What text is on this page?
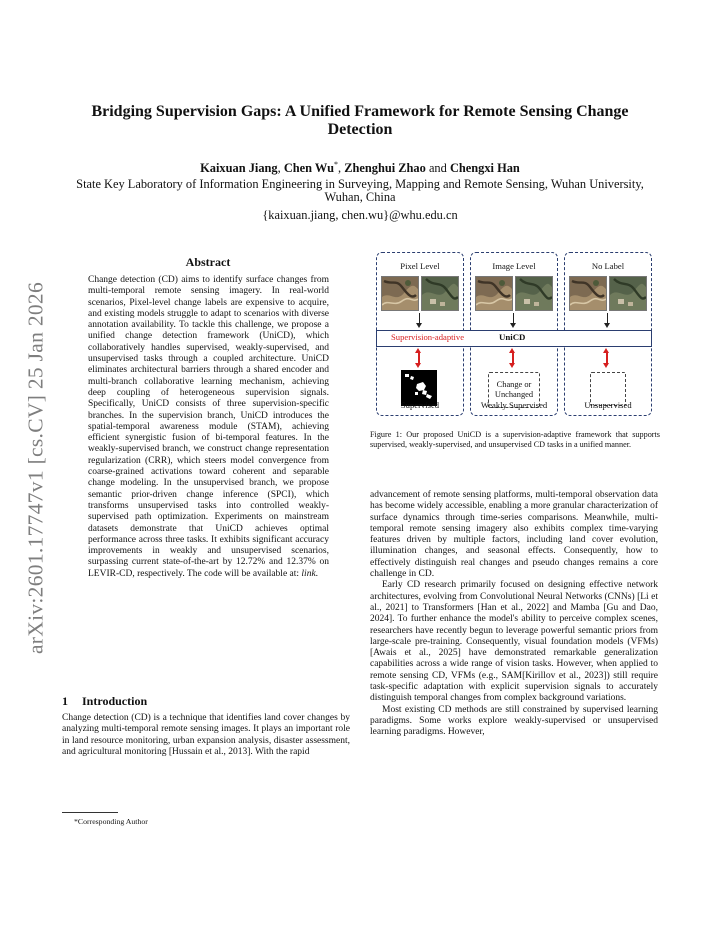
arXiv:2601.17747v1 [cs.CV] 25 Jan 2026
Bridging Supervision Gaps: A Unified Framework for Remote Sensing Change Detection
Kaixuan Jiang, Chen Wu*, Zhenghui Zhao and Chengxi Han
State Key Laboratory of Information Engineering in Surveying, Mapping and Remote Sensing, Wuhan University, Wuhan, China
{kaixuan.jiang, chen.wu}@whu.edu.cn
Abstract
Change detection (CD) aims to identify surface changes from multi-temporal remote sensing imagery. In real-world scenarios, Pixel-level change labels are expensive to acquire, and existing models struggle to adapt to scenarios with diverse annotation availability. To tackle this challenge, we propose a unified change detection framework (UniCD), which collaboratively handles supervised, weakly-supervised, and unsupervised tasks through a coupled architecture. UniCD eliminates architectural barriers through a shared encoder and multi-branch collaborative learning mechanism, achieving deep coupling of heterogeneous supervision signals. Specifically, UniCD consists of three supervision-specific branches. In the supervision branch, UniCD introduces the spatial-temporal awareness module (STAM), achieving efficient synergistic fusion of bi-temporal features. In the weakly-supervised branch, we construct change representation regularization (CRR), which steers model convergence from coarse-grained activations toward coherent and separable change modeling. In the unsupervised branch, we propose semantic prior-driven change inference (SPCI), which transforms unsupervised tasks into controlled weakly-supervised path optimization. Experiments on mainstream datasets demonstrate that UniCD achieves optimal performance across three tasks. It exhibits significant accuracy improvements in weakly and unsupervised scenarios, surpassing current state-of-the-art by 12.72% and 12.37% on LEVIR-CD, respectively. The code will be available at: link.
1 Introduction
Change detection (CD) is a technique that identifies land cover changes by analyzing multi-temporal remote sensing images. It plays an important role in land resource monitoring, urban expansion analysis, disaster assessment, and agricultural monitoring [Hussain et al., 2013]. With the rapid
*Corresponding Author
Pixel Level	Image Level	No Label
Supervision-adaptive	UniCD
Change or Unchanged
Supervised	Weakly Supervised	Unsupervised
Figure 1: Our proposed UniCD is a supervision-adaptive framework that supports supervised, weakly-supervised, and unsupervised CD tasks in a unified manner.

advancement of remote sensing platforms, multi-temporal observation data has become widely accessible, enabling a more granular characterization of surface dynamics through time-series comparisons. Meanwhile, multi-temporal remote sensing imagery also exhibits complex time-varying features driven by multiple factors, including land cover evolution, illumination changes, and seasonal effects. Consequently, how to effectively distinguish real changes and pseudo changes remains a core challenge in CD.

Early CD research primarily focused on designing effective network architectures, evolving from Convolutional Neural Networks (CNNs) [Li et al., 2021] to Transformers [Han et al., 2022] and Mamba [Gu and Dao, 2024]. To further enhance the model's ability to perceive complex scenes, researchers have recently begun to leverage powerful semantic priors from large-scale pre-training. Consequently, visual foundation models (VFMs) [Awais et al., 2025] have demonstrated remarkable generalization capabilities across a wide range of vision tasks. However, when applied to remote sensing CD, VFMs (e.g., SAM[Kirillov et al., 2023]) still require task-specific adaptation with explicit supervision signals to accurately distinguish temporal changes from complex background variations.

Most existing CD methods are still constrained by supervised learning paradigms. Some works explore weakly-supervised or unsupervised learning paradigms. However,
